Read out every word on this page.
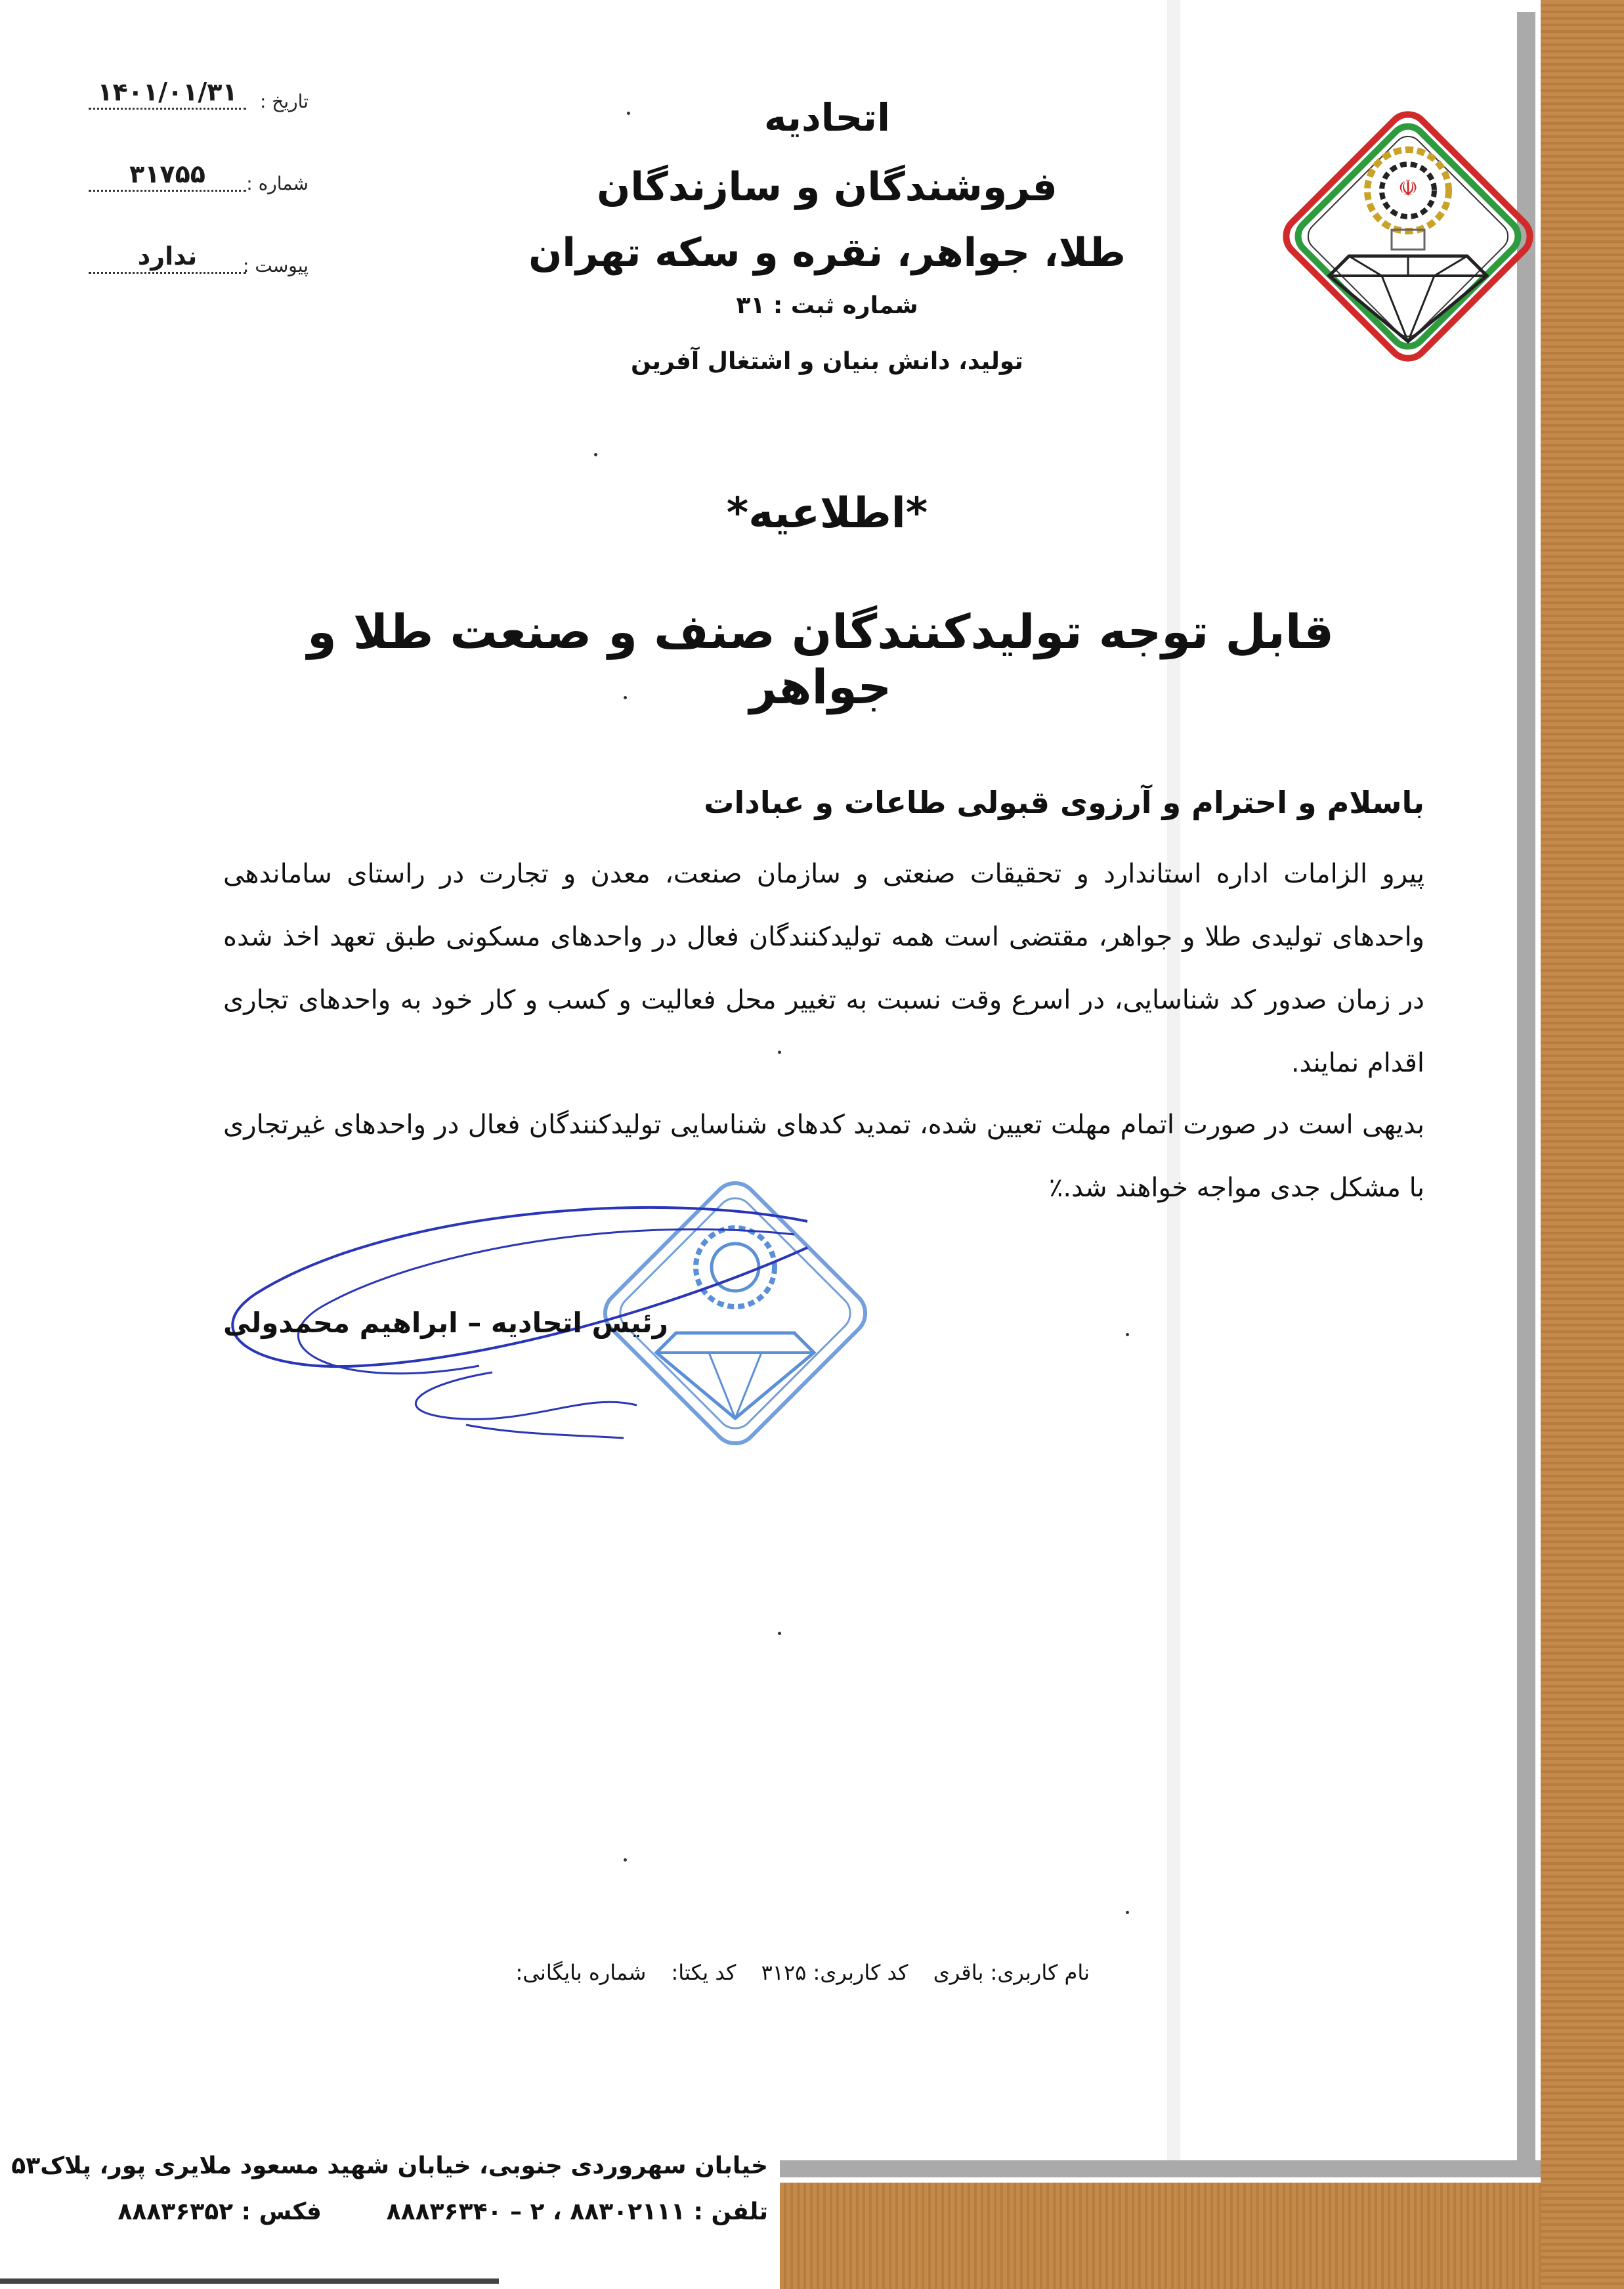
تاریخ :
۱۴۰۱/۰۱/۳۱
شماره :
۳۱۷۵۵
پیوست :
ندارد
اتحادیه
فروشندگان و سازندگان
طلا، جواهر، نقره و سکه تهران
شماره ثبت : ۳۱
تولید، دانش بنیان و اشتغال آفرین
☫
*اطلاعیه*
قابل توجه تولیدکنندگان صنف و صنعت طلا و جواهر
باسلام و احترام و آرزوی قبولی طاعات و عبادات
پیرو الزامات اداره استاندارد و تحقیقات صنعتی و سازمان صنعت، معدن و تجارت در راستای ساماندهی واحدهای تولیدی طلا و جواهر، مقتضی است همه تولیدکنندگان فعال در واحدهای مسکونی طبق تعهد اخذ شده در زمان صدور کد شناسایی، در اسرع وقت نسبت به تغییر محل فعالیت و کسب و کار خود به واحدهای تجاری اقدام نمایند.
بدیهی است در صورت اتمام مهلت تعیین شده، تمدید کدهای شناسایی تولیدکنندگان فعال در واحدهای غیرتجاری با مشکل جدی مواجه خواهند شد.٪
رئیس اتحادیه – ابراهیم محمدولی
نام کاربری: باقری کد کاربری: ۳۱۲۵ کد یکتا: شماره بایگانی:
خیابان سهروردی جنوبی، خیابان شهید مسعود ملایری پور، پلاک۵۳
تلفن : ۸۸۳۰۲۱۱۱ ، ۲ – ۸۸۸۳۶۳۴۰
فکس : ۸۸۸۳۶۳۵۲
